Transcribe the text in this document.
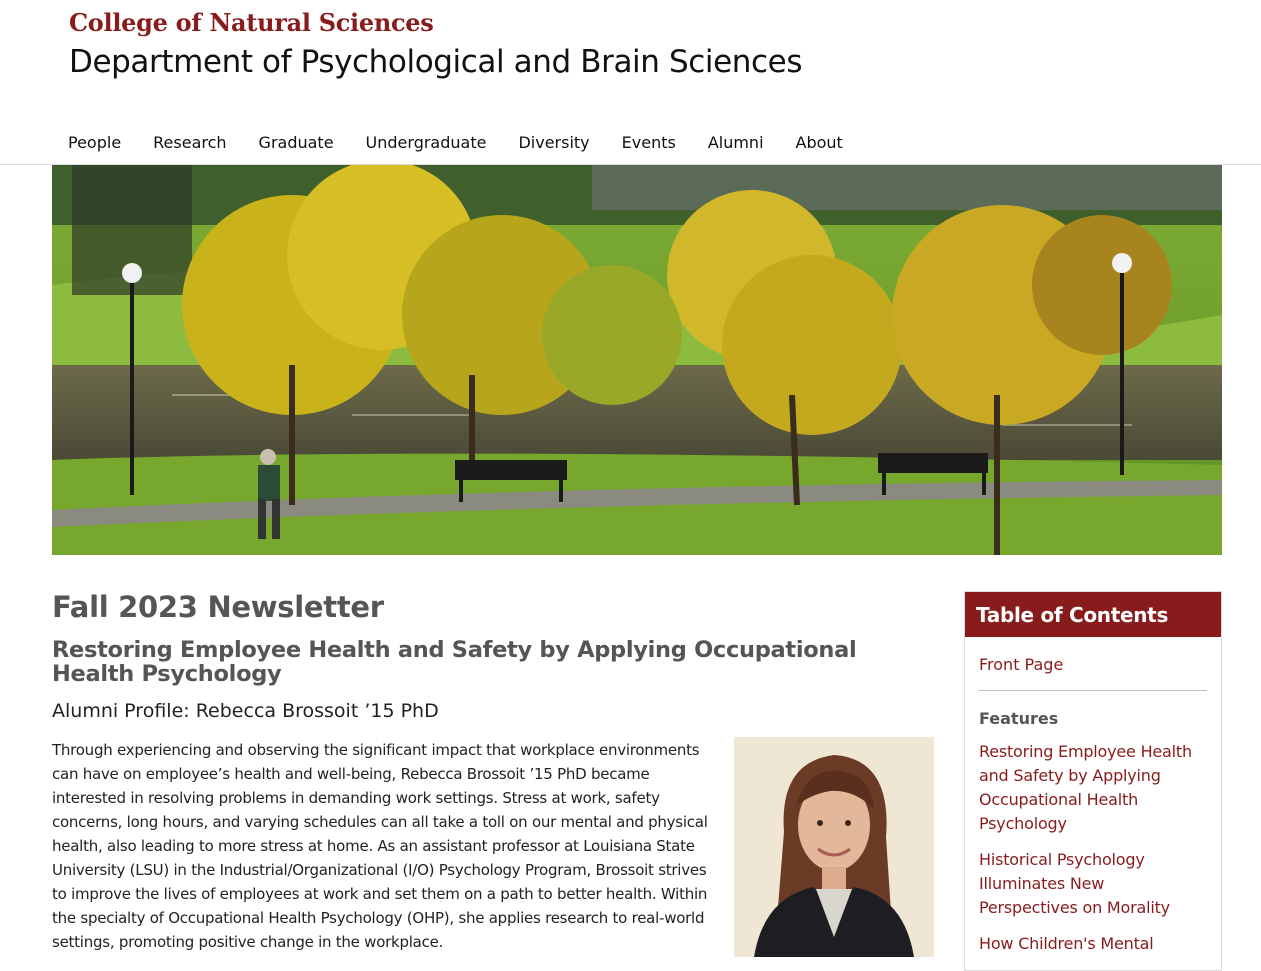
College of Natural Sciences
Department of Psychological and Brain Sciences
People Research Graduate Undergraduate Diversity Events Alumni About
Fall 2023 Newsletter
Restoring Employee Health and Safety by Applying Occupational Health Psychology
Alumni Profile: Rebecca Brossoit ’15 PhD

Through experiencing and observing the significant impact that workplace environments can have on employee’s health and well-being, Rebecca Brossoit ’15 PhD became interested in resolving problems in demanding work settings. Stress at work, safety concerns, long hours, and varying schedules can all take a toll on our mental and physical health, also leading to more stress at home. As an assistant professor at Louisiana State University (LSU) in the Industrial/Organizational (I/O) Psychology Program, Brossoit strives to improve the lives of employees at work and set them on a path to better health. Within the specialty of Occupational Health Psychology (OHP), she applies research to real-world settings, promoting positive change in the workplace.

Table of Contents
Front Page
Features
Restoring Employee Health and Safety by Applying Occupational Health Psychology
Historical Psychology Illuminates New Perspectives on Morality
How Children's Mental
